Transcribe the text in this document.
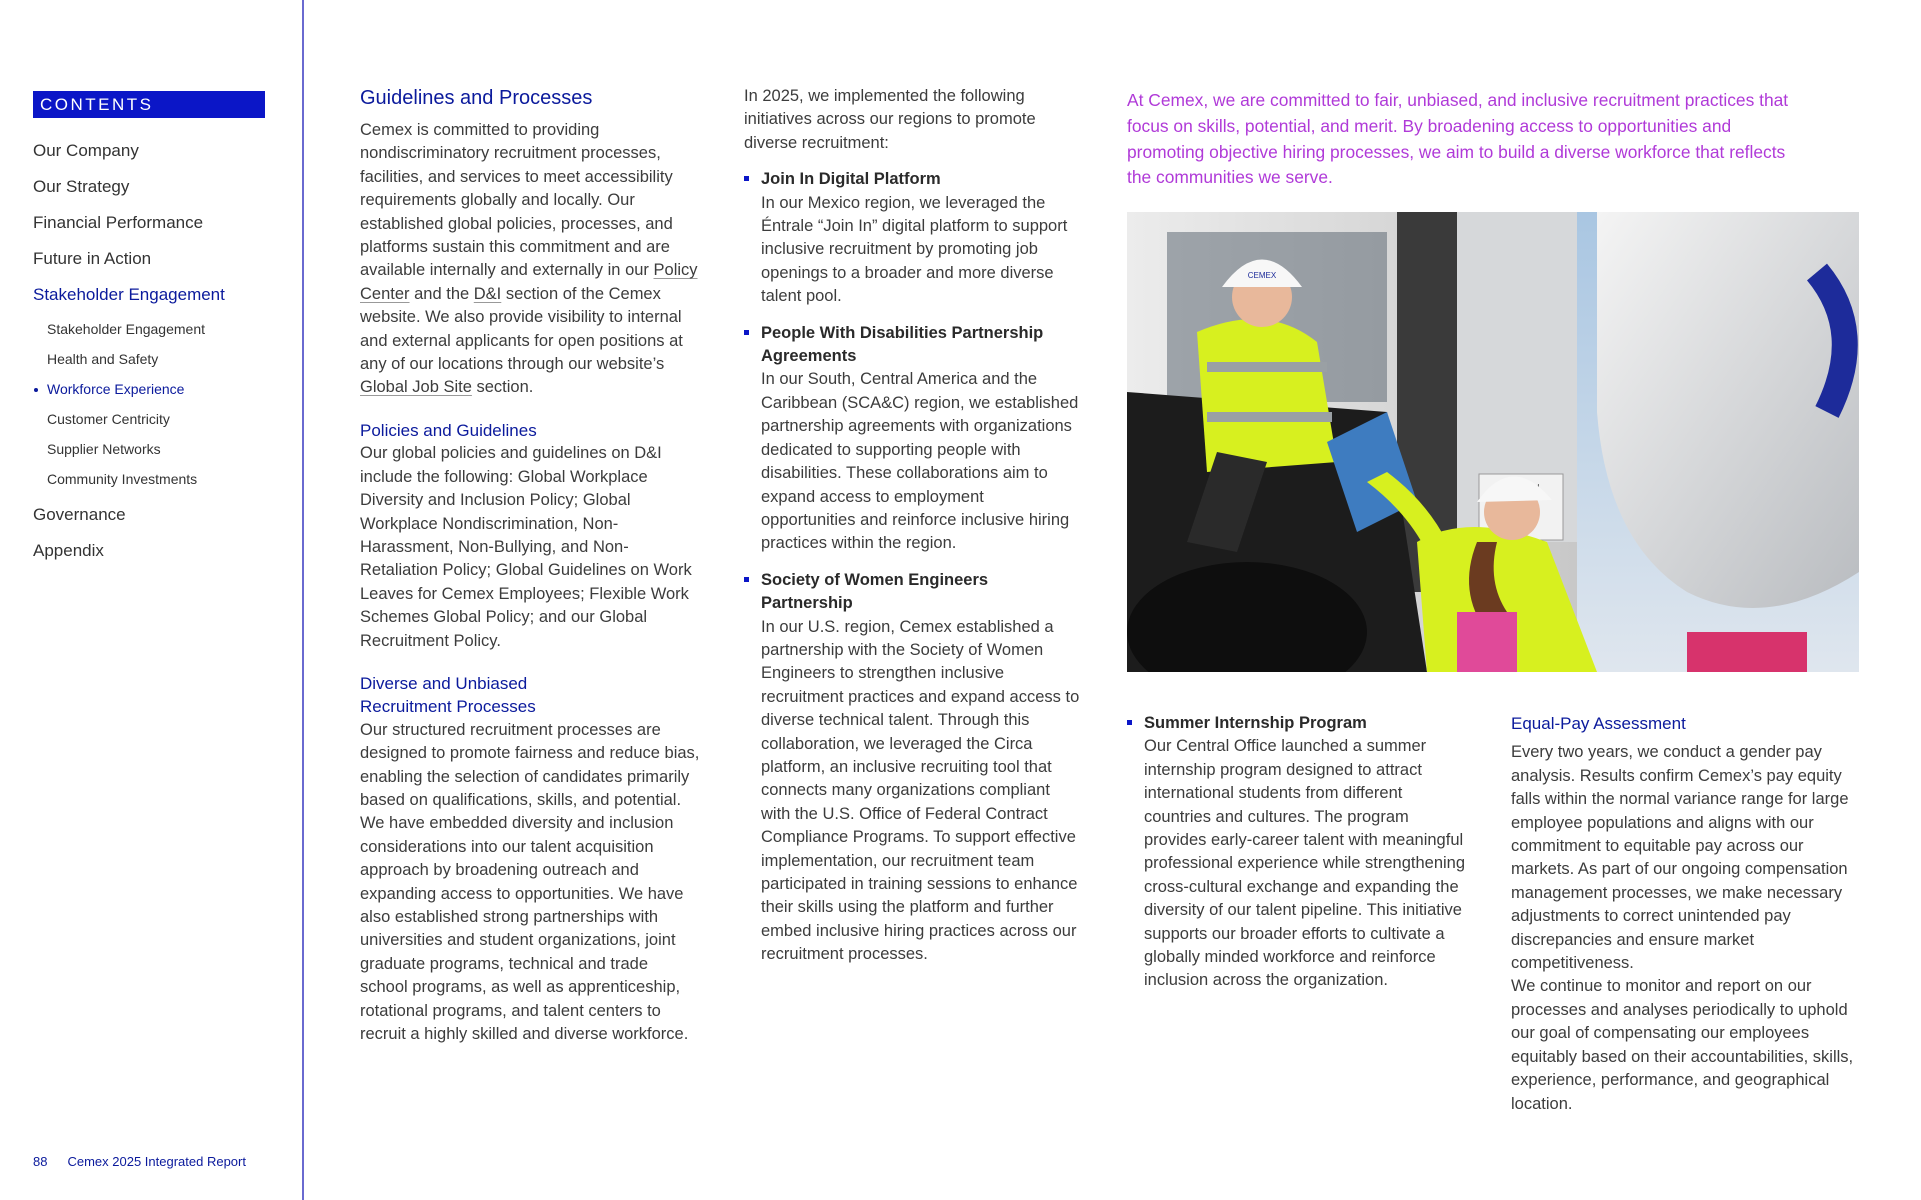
CONTENTS
Our Company
Our Strategy
Financial Performance
Future in Action
Stakeholder Engagement
Stakeholder Engagement
Health and Safety
Workforce Experience
Customer Centricity
Supplier Networks
Community Investments
Governance
Appendix
88 Cemex 2025 Integrated Report
Guidelines and Processes

Cemex is committed to providing nondiscriminatory recruitment processes, facilities, and services to meet accessibility requirements globally and locally. Our established global policies, processes, and platforms sustain this commitment and are available internally and externally in our Policy Center and the D&I section of the Cemex website. We also provide visibility to internal and external applicants for open positions at any of our locations through our website’s Global Job Site section.

Policies and Guidelines

Our global policies and guidelines on D&I include the following: Global Workplace Diversity and Inclusion Policy; Global Workplace Nondiscrimination, Non-Harassment, Non-Bullying, and Non-Retaliation Policy; Global Guidelines on Work Leaves for Cemex Employees; Flexible Work Schemes Global Policy; and our Global Recruitment Policy.

Diverse and Unbiased
Recruitment Processes

Our structured recruitment processes are designed to promote fairness and reduce bias, enabling the selection of candidates primarily based on qualifications, skills, and potential. We have embedded diversity and inclusion considerations into our talent acquisition approach by broadening outreach and expanding access to opportunities. We have also established strong partnerships with universities and student organizations, joint graduate programs, technical and trade school programs, as well as apprenticeship, rotational programs, and talent centers to recruit a highly skilled and diverse workforce.

In 2025, we implemented the following initiatives across our regions to promote diverse recruitment:

Join In Digital Platform
In our Mexico region, we leveraged the Éntrale “Join In” digital platform to support inclusive recruitment by promoting job openings to a broader and more diverse talent pool.
People With Disabilities Partnership Agreements
In our South, Central America and the Caribbean (SCA&C) region, we established partnership agreements with organizations dedicated to supporting people with disabilities. These collaborations aim to expand access to employment opportunities and reinforce inclusive hiring practices within the region.
Society of Women Engineers Partnership
In our U.S. region, Cemex established a partnership with the Society of Women Engineers to strengthen inclusive recruitment practices and expand access to diverse technical talent. Through this collaboration, we leveraged the Circa platform, an inclusive recruiting tool that connects many organizations compliant with the U.S. Office of Federal Contract Compliance Programs. To support effective implementation, our recruitment team participated in training sessions to enhance their skills using the platform and further embed inclusive hiring practices across our recruitment processes.
At Cemex, we are committed to fair, unbiased, and inclusive recruitment practices that focus on skills, potential, and merit. By broadening access to opportunities and promoting objective hiring processes, we aim to build a diverse workforce that reflects the communities we serve.
CEMEX
Summer Internship Program
Our Central Office launched a summer internship program designed to attract international students from different countries and cultures. The program provides early-career talent with meaningful professional experience while strengthening cross-cultural exchange and expanding the diversity of our talent pipeline. This initiative supports our broader efforts to cultivate a globally minded workforce and reinforce inclusion across the organization.
Equal-Pay Assessment

Every two years, we conduct a gender pay analysis. Results confirm Cemex’s pay equity falls within the normal variance range for large employee populations and aligns with our commitment to equitable pay across our markets. As part of our ongoing compensation management processes, we make necessary adjustments to correct unintended pay discrepancies and ensure market competitiveness.

We continue to monitor and report on our processes and analyses periodically to uphold our goal of compensating our employees equitably based on their accountabilities, skills, experience, performance, and geographical location.
